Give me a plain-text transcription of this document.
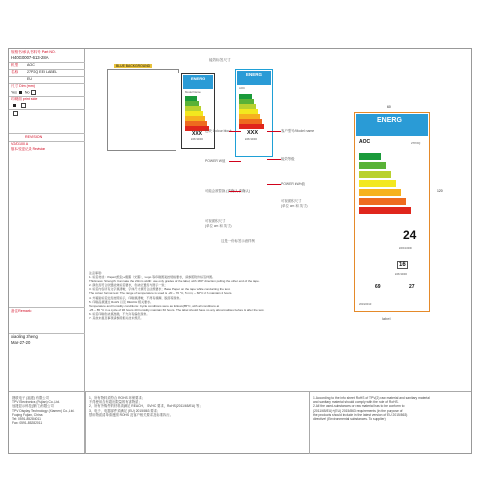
规格书/承认书料号 Part NO.
H40G0007-613-28A
机型	AOC
名称	27P2Q EEI LABEL
EU
尺寸 Dim (mm)
Yes No
印刷面 print side

REVISION
V2/D100 A
版本/变更记录 Revision
备注Remark:
xiaoling zheng
Mar-27-20
BLUE BACKGROUND
ENERG
Model Name
XXX
kWh/1000h
能效标签尺寸
ENERG
AOC
XXX
kWh/1000h
色块 Colour block
POWER W值
可能会被替换 (请确认 请确认)
可视面积尺寸
(单位 cm 和 英寸)
客户型号/Model name
能效等级
POWER kWh值
可视面积尺寸
(单位 cm 和 英寸)
这是一份标签示意样例
60
120
ENERG
AOC	27P2Q
24
kWh/1000h
16
kWh/1000h
69	27
2019/2013
label
注意事项：
1. 标签材质：Paper(纸张)+覆膜（光膜），Logo 等印刷图案按规格要求，请参照附件标签样图。
Thickness: Strength: Can take the 20mm width: use only grades of the label, with 180° direction pulling the other end of the tape.
2. 颜色需符合欧盟能效标签要求，色块位置需与图示一致；
3. 标签内容所有文字须清晰，字体尺寸须符合法规要求；Base Paper on the tape while conducting the test.
The colour format test: The range of temperature is used is -20 ~ 70 °C, 5 mm; ~ 60°C 2 h maintain 4 hours.
4. 外箱贴标签处需按照标示，印刷须清晰，不得有模糊、脱落等现象。
5. 印刷品须通过 RoHS 以及 REACH 相关要求。
Temperature and humidity conditions: Cycle conditions were as follows(85°C, with all conditions at
-25 ~ 85 °C in a cycle of 96 hours 40 humidity maintain 60 hours. The label should have no any abnormalities before & after the test.
6. 标签印刷色块须准确，不允许有偏色现象。
7. 其他未提及事项请参照相关技术规范。
捷联电子 (福建) 有限公司
TPV Electronics (Fujian) Co.,Ltd.
冠捷显示科技(厦门)有限公司
TPV Display Technology (Xiamen) Co.,Ltd.
Fuqing Fujian, China
Tel: 0591-85284011
Fax: 0591-85282011
1、所有物料须符合 ROHS 环保要求；
不得使用含有超出限量的有害物质；
2、所有外购件的材料须满足 REACH、 SVHC 要求，RoHS(2011/65/EU) 等；
3、电子、电器部件须满足 (EU) 2015/863 要求；
禁用物质清单请遵照 ROHS 及客户相关要求及标准执行。
1.According to the info sheet RoHS of TPV(2) raw material and sanitary material
and sanitary material should comply with the rule of RoHS.
2.All the used-substances or raw material has to be conform to
(2011/65/EU)+(EU) 2015/863 requirements (in the purpose of
the products should include in the latest version of EU 2015/863)
directive! (Environmental substances. To supplier)
